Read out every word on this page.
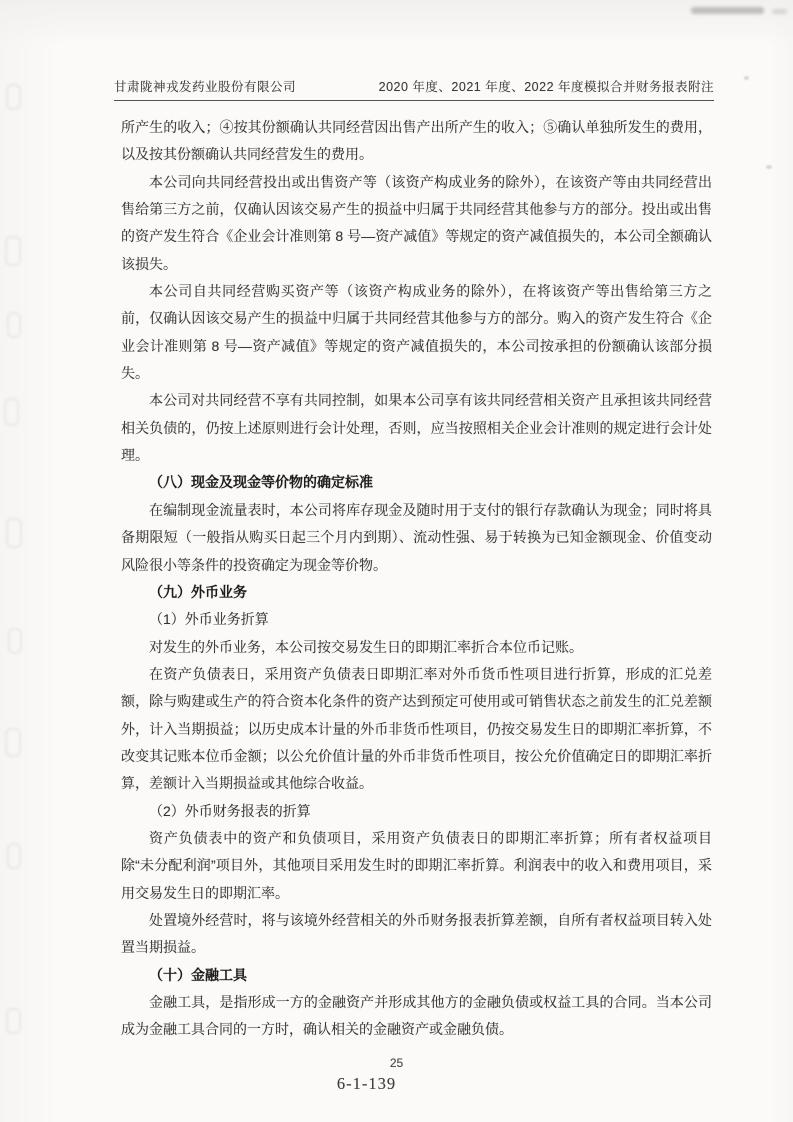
甘肃陇神戎发药业股份有限公司	2020 年度、2021 年度、2022 年度模拟合并财务报表附注

所产生的收入；④按其份额确认共同经营因出售产出所产生的收入；⑤确认单独所发生的费用，以及按其份额确认共同经营发生的费用。

本公司向共同经营投出或出售资产等（该资产构成业务的除外），在该资产等由共同经营出售给第三方之前，仅确认因该交易产生的损益中归属于共同经营其他参与方的部分。投出或出售的资产发生符合《企业会计准则第 8 号—资产减值》等规定的资产减值损失的，本公司全额确认该损失。

本公司自共同经营购买资产等（该资产构成业务的除外），在将该资产等出售给第三方之前，仅确认因该交易产生的损益中归属于共同经营其他参与方的部分。购入的资产发生符合《企业会计准则第 8 号—资产减值》等规定的资产减值损失的，本公司按承担的份额确认该部分损失。

本公司对共同经营不享有共同控制，如果本公司享有该共同经营相关资产且承担该共同经营相关负债的，仍按上述原则进行会计处理，否则，应当按照相关企业会计准则的规定进行会计处理。

（八）现金及现金等价物的确定标准

在编制现金流量表时，本公司将库存现金及随时用于支付的银行存款确认为现金；同时将具备期限短（一般指从购买日起三个月内到期）、流动性强、易于转换为已知金额现金、价值变动风险很小等条件的投资确定为现金等价物。

（九）外币业务

（1）外币业务折算

对发生的外币业务，本公司按交易发生日的即期汇率折合本位币记账。

在资产负债表日，采用资产负债表日即期汇率对外币货币性项目进行折算，形成的汇兑差额，除与购建或生产的符合资本化条件的资产达到预定可使用或可销售状态之前发生的汇兑差额外，计入当期损益；以历史成本计量的外币非货币性项目，仍按交易发生日的即期汇率折算，不改变其记账本位币金额；以公允价值计量的外币非货币性项目，按公允价值确定日的即期汇率折算，差额计入当期损益或其他综合收益。

（2）外币财务报表的折算

资产负债表中的资产和负债项目，采用资产负债表日的即期汇率折算；所有者权益项目除“未分配利润”项目外，其他项目采用发生时的即期汇率折算。利润表中的收入和费用项目，采用交易发生日的即期汇率。

处置境外经营时，将与该境外经营相关的外币财务报表折算差额，自所有者权益项目转入处置当期损益。

（十）金融工具

金融工具，是指形成一方的金融资产并形成其他方的金融负债或权益工具的合同。当本公司成为金融工具合同的一方时，确认相关的金融资产或金融负债。

25
6-1-139
